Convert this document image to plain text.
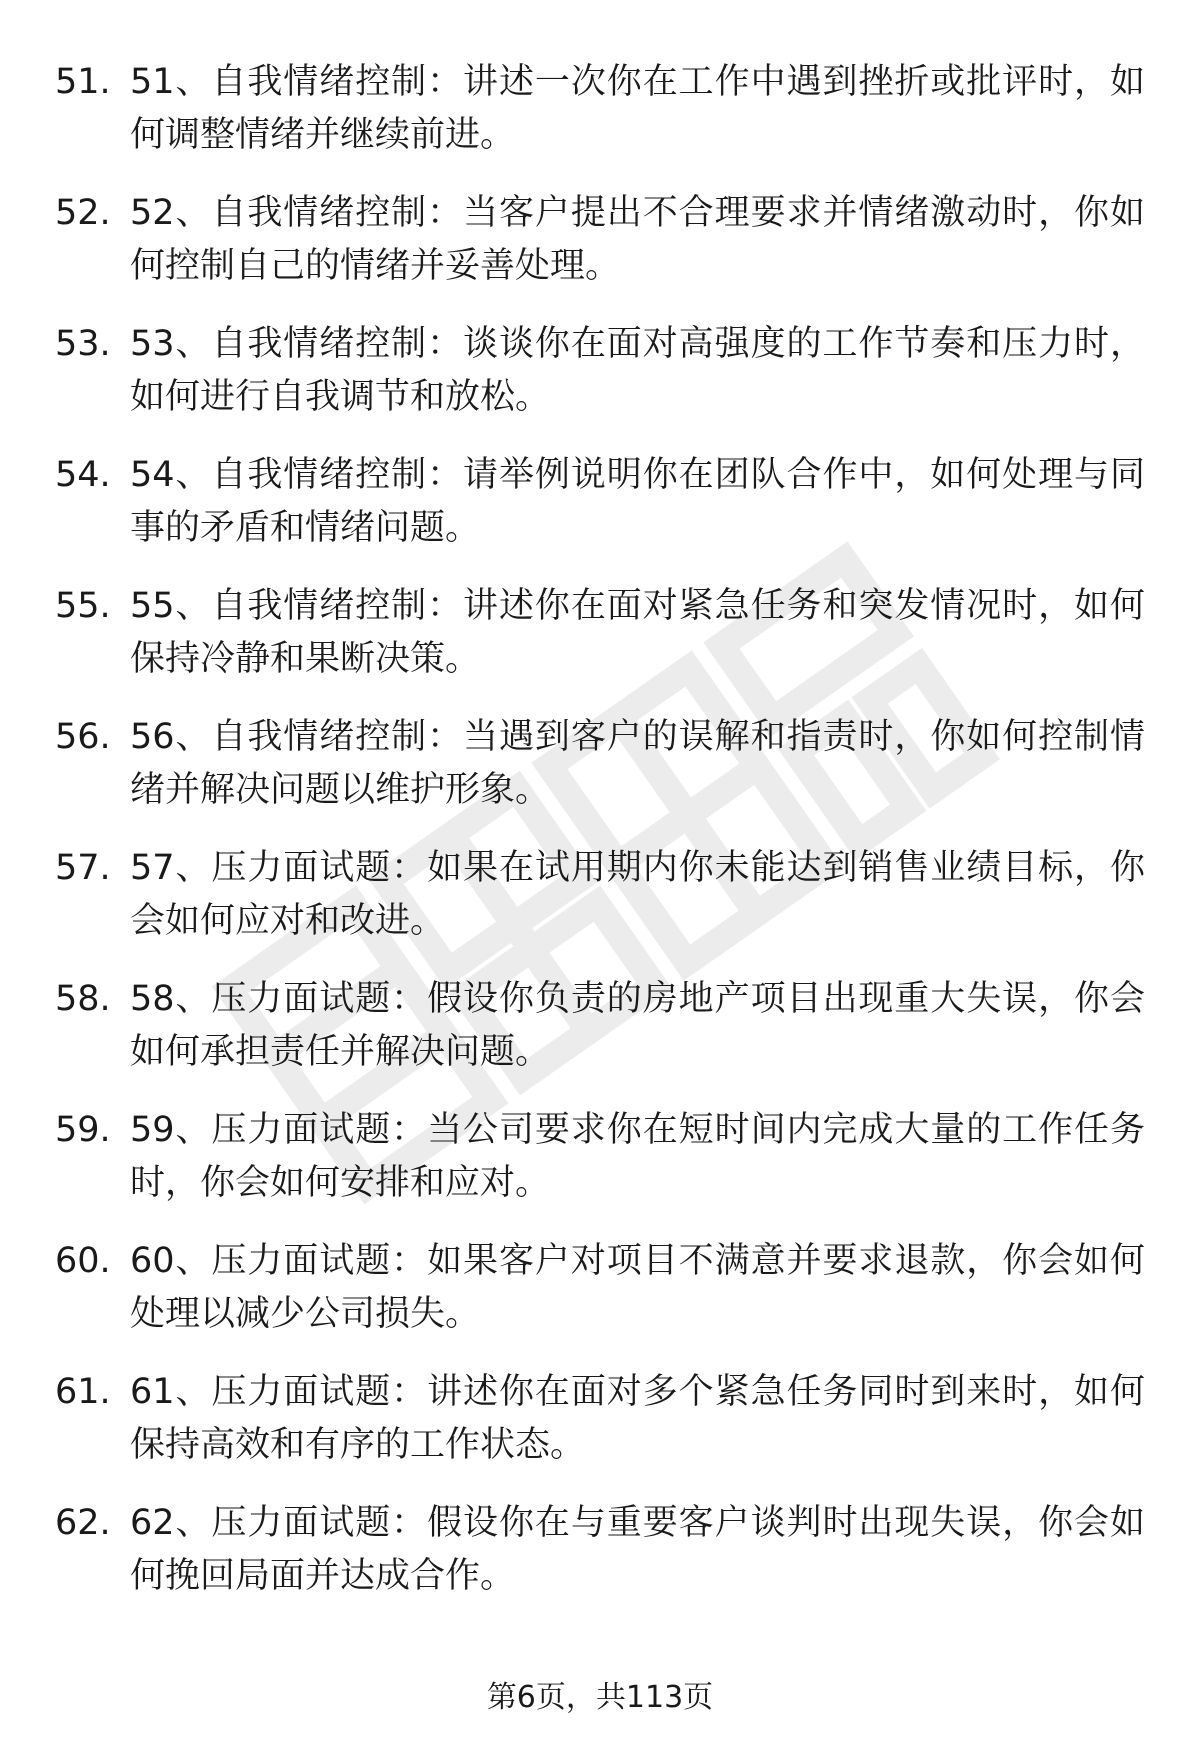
51. 51、自我情绪控制：讲述一次你在工作中遇到挫折或批评时，如何调整情绪并继续前进。
52. 52、自我情绪控制：当客户提出不合理要求并情绪激动时，你如何控制自己的情绪并妥善处理。
53. 53、自我情绪控制：谈谈你在面对高强度的工作节奏和压力时，如何进行自我调节和放松。
54. 54、自我情绪控制：请举例说明你在团队合作中，如何处理与同事的矛盾和情绪问题。
55. 55、自我情绪控制：讲述你在面对紧急任务和突发情况时，如何保持冷静和果断决策。
56. 56、自我情绪控制：当遇到客户的误解和指责时，你如何控制情绪并解决问题以维护形象。
57. 57、压力面试题：如果在试用期内你未能达到销售业绩目标，你会如何应对和改进。
58. 58、压力面试题：假设你负责的房地产项目出现重大失误，你会如何承担责任并解决问题。
59. 59、压力面试题：当公司要求你在短时间内完成大量的工作任务时，你会如何安排和应对。
60. 60、压力面试题：如果客户对项目不满意并要求退款，你会如何处理以减少公司损失。
61. 61、压力面试题：讲述你在面对多个紧急任务同时到来时，如何保持高效和有序的工作状态。
62. 62、压力面试题：假设你在与重要客户谈判时出现失误，你会如何挽回局面并达成合作。
第6页，共113页
